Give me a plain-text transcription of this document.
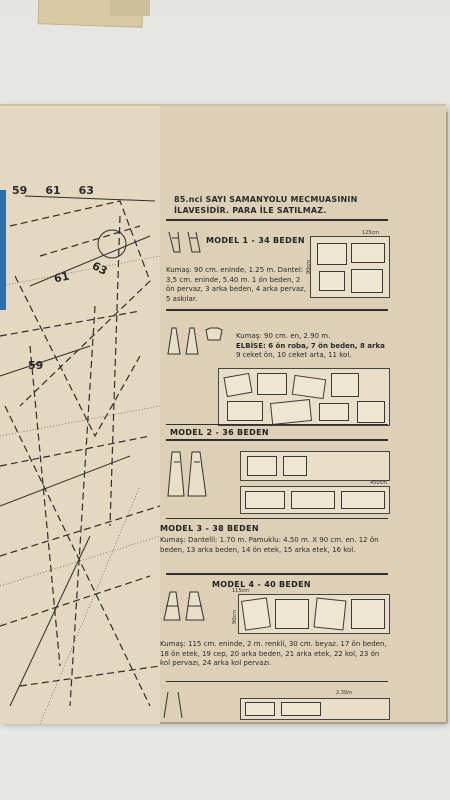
61 63
59
59 61 63
85.nci SAYI SAMANYOLU MECMUASININ
İLAVESİDİR. PARA İLE SATILMAZ.
MODEL 1 - 34 BEDEN
125cm
90cm
Kumaş: 90 cm. eninde, 1.25 m. Dantel: 3,5 cm. eninde, 5.40 m. 1 ön beden, 2 ön pervaz, 3 arka beden, 4 arka pervaz, 5 askılar.
Kumaş: 90 cm. en, 2.90 m.
ELBİSE: 6 ön roba, 7 ön beden, 8 arka
9 ceket ön, 10 ceket arta, 11 kol.
MODEL 2 - 36 BEDEN
450cm
MODEL 3 - 38 BEDEN
Kumaş: Dantelli: 1.70 m. Pamuklu: 4.50 m. X 90 cm. en. 12 ön beden, 13 arka beden, 14 ön etek, 15 arka etek, 16 kol.
MODEL 4 - 40 BEDEN
115cm
90cm
Kumaş: 115 cm. eninde, 2 m. renkli, 30 cm. beyaz. 17 ön beden, 18 ön etek, 19 cep, 20 arka beden, 21 arka etek, 22 kol, 23 ön kol pervazı, 24 arka kol pervazı.
2.30m
